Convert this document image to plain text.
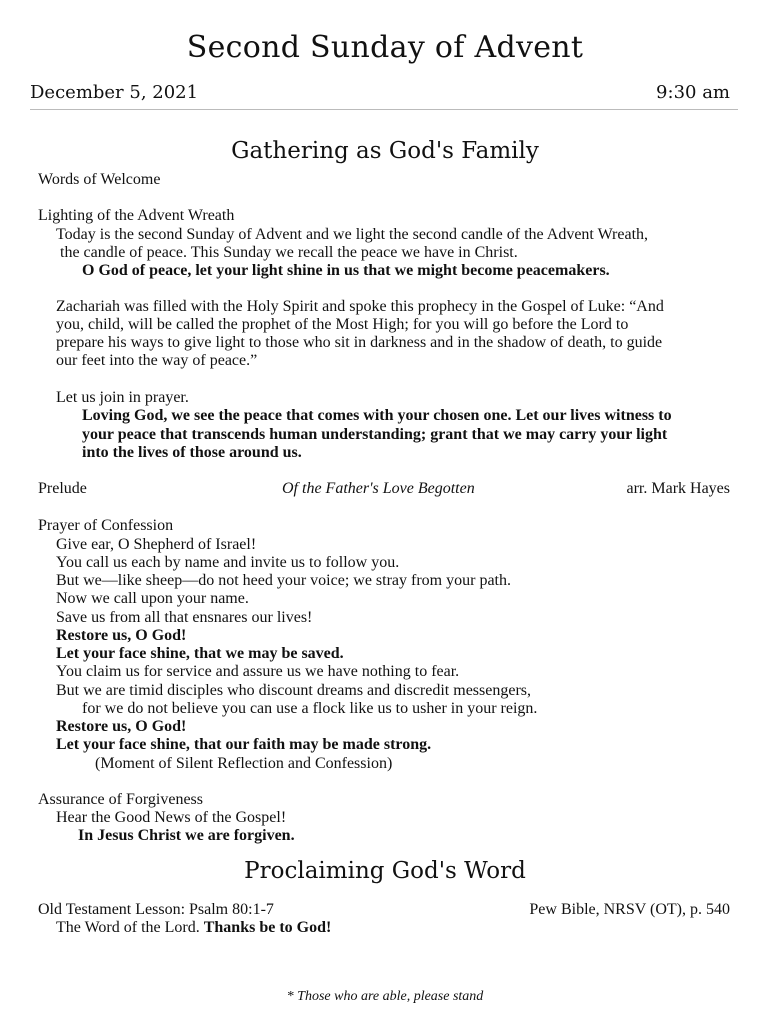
Second Sunday of Advent
December 5, 2021	9:30 am
Gathering as God's Family
Words of Welcome
Lighting of the Advent Wreath
Today is the second Sunday of Advent and we light the second candle of the Advent Wreath,
the candle of peace. This Sunday we recall the peace we have in Christ.
O God of peace, let your light shine in us that we might become peacemakers.
Zachariah was filled with the Holy Spirit and spoke this prophecy in the Gospel of Luke: “And
you, child, will be called the prophet of the Most High; for you will go before the Lord to
prepare his ways to give light to those who sit in darkness and in the shadow of death, to guide
our feet into the way of peace.”
Let us join in prayer.
Loving God, we see the peace that comes with your chosen one. Let our lives witness to
your peace that transcends human understanding; grant that we may carry your light
into the lives of those around us.
Prelude	Of the Father's Love Begotten	arr. Mark Hayes
Prayer of Confession
Give ear, O Shepherd of Israel!
You call us each by name and invite us to follow you.
But we—like sheep—do not heed your voice; we stray from your path.
Now we call upon your name.
Save us from all that ensnares our lives!
Restore us, O God!
Let your face shine, that we may be saved.
You claim us for service and assure us we have nothing to fear.
But we are timid disciples who discount dreams and discredit messengers,
for we do not believe you can use a flock like us to usher in your reign.
Restore us, O God!
Let your face shine, that our faith may be made strong.
(Moment of Silent Reflection and Confession)
Assurance of Forgiveness
Hear the Good News of the Gospel!
In Jesus Christ we are forgiven.
Proclaiming God's Word
Old Testament Lesson: Psalm 80:1-7	Pew Bible, NRSV (OT), p. 540
The Word of the Lord. Thanks be to God!
* Those who are able, please stand
